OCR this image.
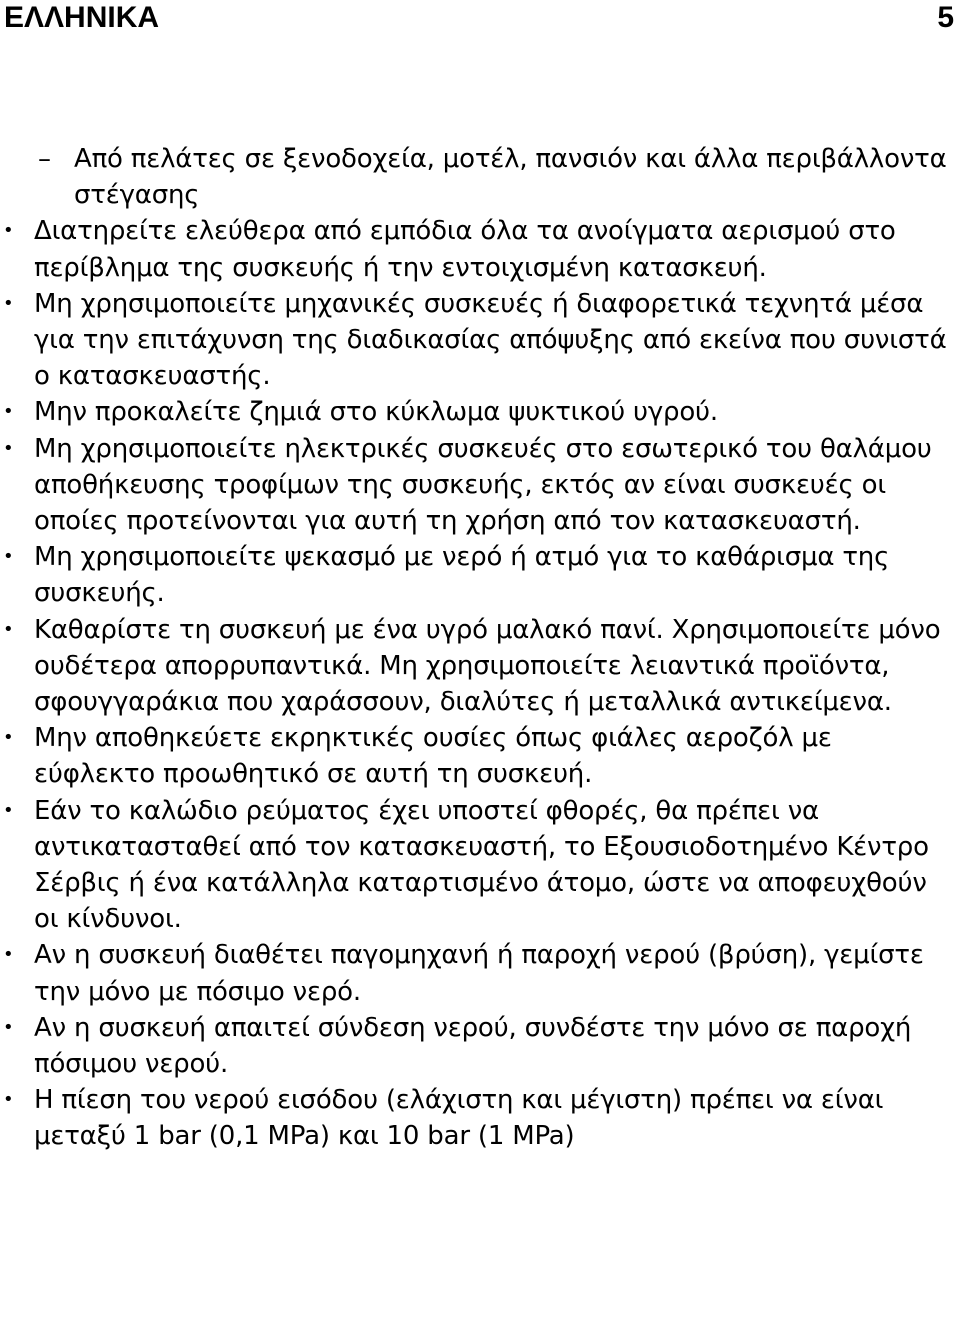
ΕΛΛΗΝΙΚΑ	5
– Από πελάτες σε ξενοδοχεία, μοτέλ, πανσιόν και άλλα περιβάλλοντα στέγασης
• Διατηρείτε ελεύθερα από εμπόδια όλα τα ανοίγματα αερισμού στο περίβλημα της συσκευής ή την εντοιχισμένη κατασκευή.
• Μη χρησιμοποιείτε μηχανικές συσκευές ή διαφορετικά τεχνητά μέσα για την επιτάχυνση της διαδικασίας απόψυξης από εκείνα που συνιστά ο κατασκευαστής.
• Μην προκαλείτε ζημιά στο κύκλωμα ψυκτικού υγρού.
• Μη χρησιμοποιείτε ηλεκτρικές συσκευές στο εσωτερικό του θαλάμου αποθήκευσης τροφίμων της συσκευής, εκτός αν είναι συσκευές οι οποίες προτείνονται για αυτή τη χρήση από τον κατασκευαστή.
• Μη χρησιμοποιείτε ψεκασμό με νερό ή ατμό για το καθάρισμα της συσκευής.
• Καθαρίστε τη συσκευή με ένα υγρό μαλακό πανί. Χρησιμοποιείτε μόνο ουδέτερα απορρυπαντικά. Μη χρησιμοποιείτε λειαντικά προϊόντα, σφουγγαράκια που χαράσσουν, διαλύτες ή μεταλλικά αντικείμενα.
• Μην αποθηκεύετε εκρηκτικές ουσίες όπως φιάλες αεροζόλ με εύφλεκτο προωθητικό σε αυτή τη συσκευή.
• Εάν το καλώδιο ρεύματος έχει υποστεί φθορές, θα πρέπει να αντικατασταθεί από τον κατασκευαστή, το Εξουσιοδοτημένο Κέντρο Σέρβις ή ένα κατάλληλα καταρτισμένο άτομο, ώστε να αποφευχθούν οι κίνδυνοι.
• Αν η συσκευή διαθέτει παγομηχανή ή παροχή νερού (βρύση), γεμίστε την μόνο με πόσιμο νερό.
• Αν η συσκευή απαιτεί σύνδεση νερού, συνδέστε την μόνο σε παροχή πόσιμου νερού.
• Η πίεση του νερού εισόδου (ελάχιστη και μέγιστη) πρέπει να είναι μεταξύ 1 bar (0,1 MPa) και 10 bar (1 MPa)
